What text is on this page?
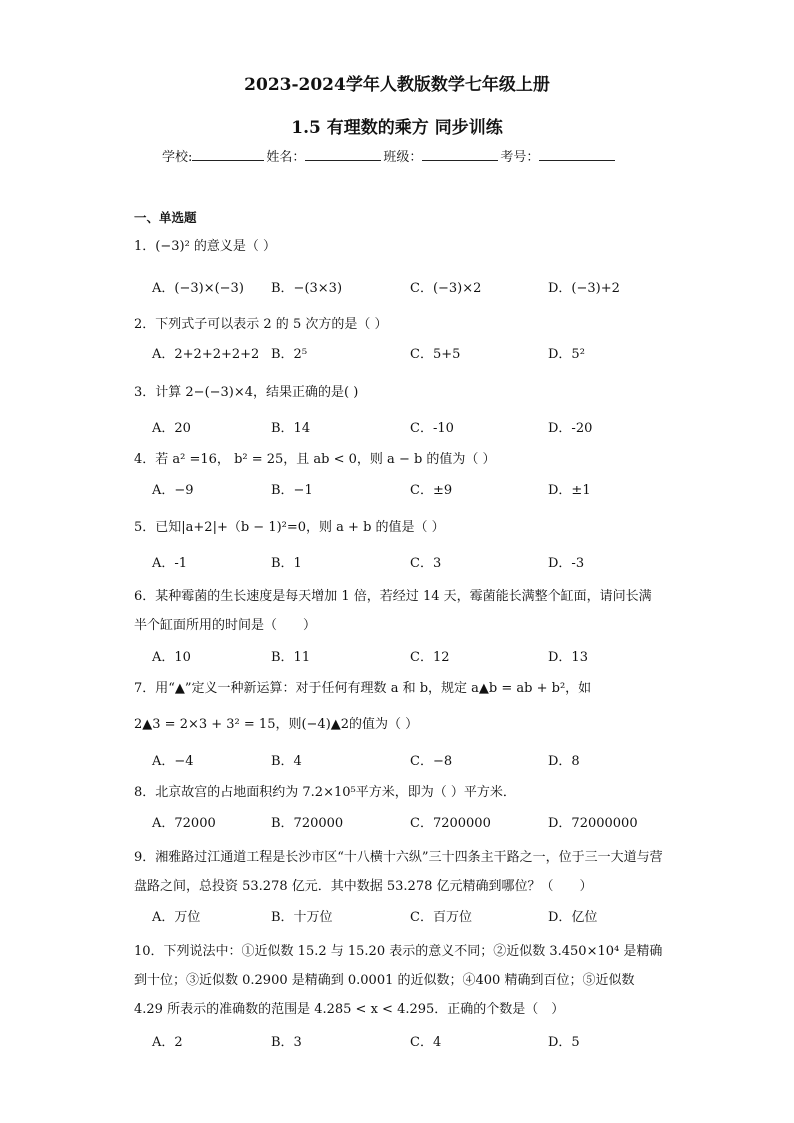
2023-2024学年人教版数学七年级上册
1.5 有理数的乘方 同步训练
学校:	姓名：	班级：	考号：
一、单选题
1．(−3)² 的意义是（ ）
A．(−3)×(−3) B．−(3×3)	C．(−3)×2	D．(−3)+2
2．下列式子可以表示 2 的 5 次方的是（ ）
A．2+2+2+2+2 B．2⁵	C．5+5	D．5²
3．计算 2−(−3)×4，结果正确的是( )
A．20	B．14	C．-10	D．-20
4．若 a² =16， b² = 25，且 ab < 0，则 a − b 的值为（ ）
A．−9	B．−1	C．±9	D．±1
5．已知|a+2|+（b − 1)²=0，则 a + b 的值是（ ）
A．-1	B．1	C．3	D．-3
6．某种霉菌的生长速度是每天增加 1 倍，若经过 14 天，霉菌能长满整个缸面，请问长满半个缸面所用的时间是（　　）
A．10	B．11	C．12	D．13
7．用“▲”定义一种新运算：对于任何有理数 a 和 b，规定 a▲b = ab + b²，如
2▲3 = 2×3 + 3² = 15，则(−4)▲2的值为（ ）
A．−4	B．4	C．−8	D．8
8．北京故宫的占地面积约为 7.2×10⁵平方米，即为（ ）平方米．
A．72000	B．720000	C．7200000	D．72000000
9．湘雅路过江通道工程是长沙市区“十八横十六纵”三十四条主干路之一，位于三一大道与营盘路之间，总投资 53.278 亿元．其中数据 53.278 亿元精确到哪位？（　　）
A．万位	B．十万位	C．百万位	D．亿位
10．下列说法中：①近似数 15.2 与 15.20 表示的意义不同；②近似数 3.450×10⁴ 是精确到十位；③近似数 0.2900 是精确到 0.0001 的近似数；④400 精确到百位；⑤近似数 4.29 所表示的准确数的范围是 4.285 < x < 4.295．正确的个数是（　）
A．2	B．3	C．4	D．5
